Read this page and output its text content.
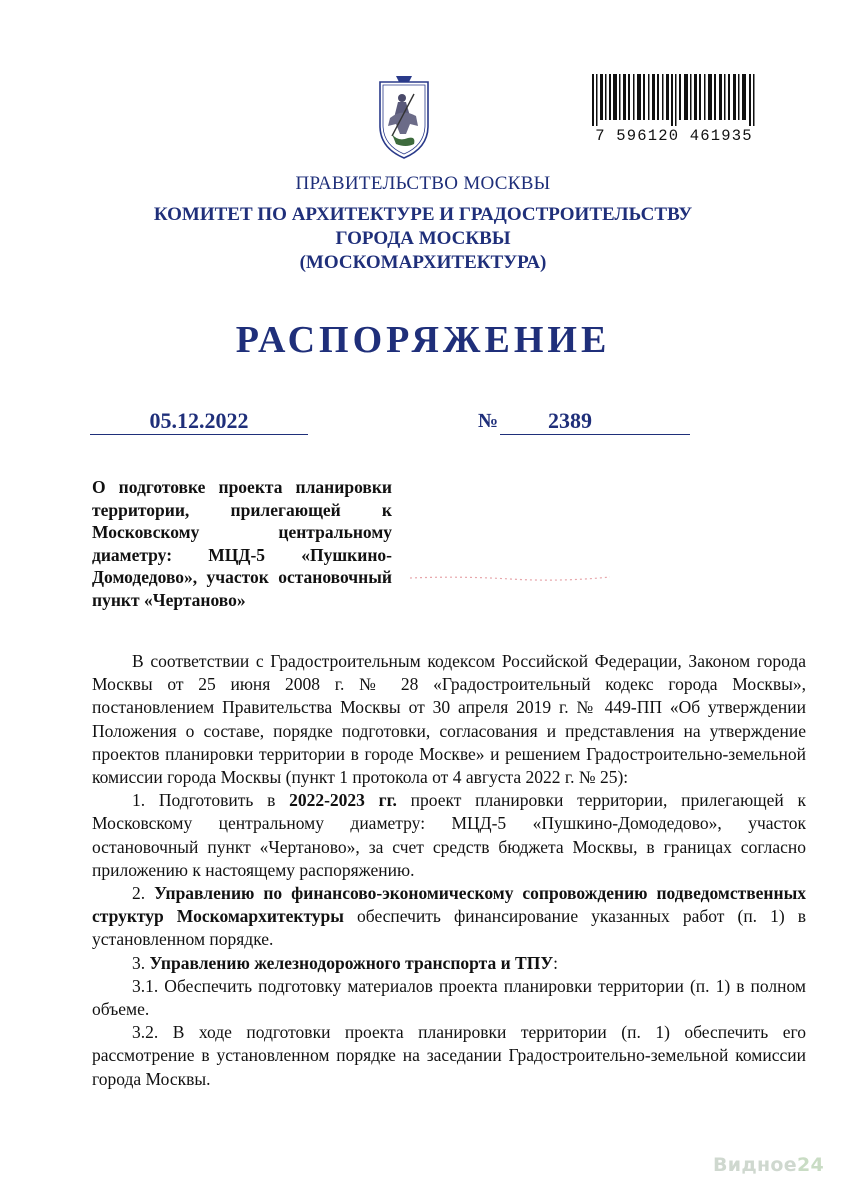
7 596120 461935
ПРАВИТЕЛЬСТВО МОСКВЫ
КОМИТЕТ ПО АРХИТЕКТУРЕ И ГРАДОСТРОИТЕЛЬСТВУ
ГОРОДА МОСКВЫ
(МОСКОМАРХИТЕКТУРА)
РАСПОРЯЖЕНИЕ
05.12.2022	№	2389
О подготовке проекта планировки территории, прилегающей к Московскому центральному диаметру: МЦД-5 «Пушкино-Домодедово», участок остановочный пункт «Чертаново»

В соответствии с Градостроительным кодексом Российской Федерации, Законом города Москвы от 25 июня 2008 г. № 28 «Градостроительный кодекс города Москвы», постановлением Правительства Москвы от 30 апреля 2019 г. № 449-ПП «Об утверждении Положения о составе, порядке подготовки, согласования и представления на утверждение проектов планировки территории в городе Москве» и решением Градостроительно-земельной комиссии города Москвы (пункт 1 протокола от 4 августа 2022 г. № 25):

1. Подготовить в 2022-2023 гг. проект планировки территории, прилегающей к Московскому центральному диаметру: МЦД-5 «Пушкино-Домодедово», участок остановочный пункт «Чертаново», за счет средств бюджета Москвы, в границах согласно приложению к настоящему распоряжению.

2. Управлению по финансово-экономическому сопровождению подведомственных структур Москомархитектуры обеспечить финансирование указанных работ (п. 1) в установленном порядке.

3. Управлению железнодорожного транспорта и ТПУ:

3.1. Обеспечить подготовку материалов проекта планировки территории (п. 1) в полном объеме.

3.2. В ходе подготовки проекта планировки территории (п. 1) обеспечить его рассмотрение в установленном порядке на заседании Градостроительно-земельной комиссии города Москвы.

Видное24
